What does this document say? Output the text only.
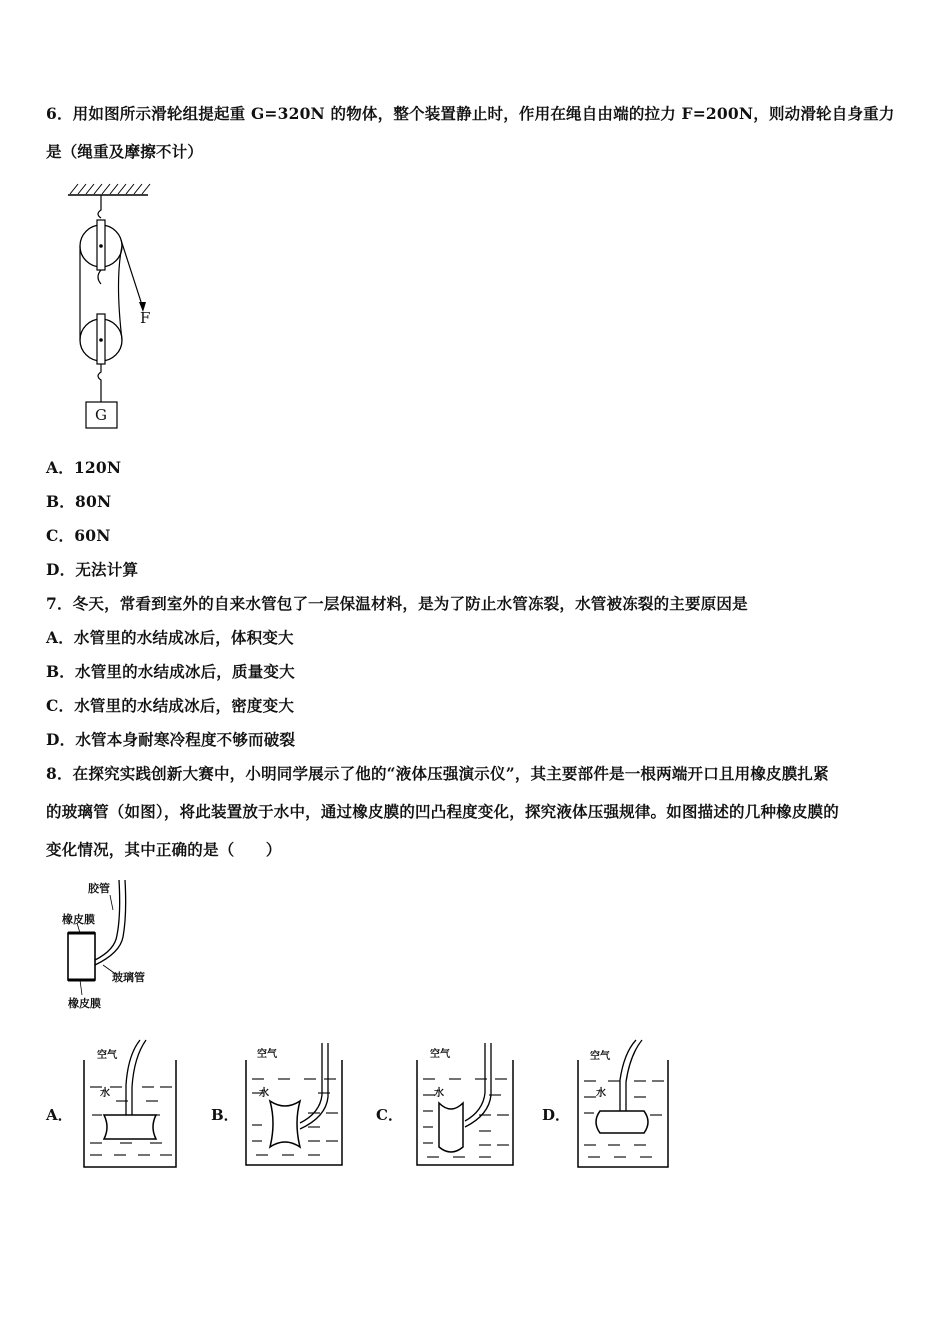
6．用如图所示滑轮组提起重 G=320N 的物体，整个装置静止时，作用在绳自由端的拉力 F=200N，则动滑轮自身重力
是（绳重及摩擦不计）
F
G
A．120N
B．80N
C．60N
D．无法计算
7．冬天，常看到室外的自来水管包了一层保温材料，是为了防止水管冻裂，水管被冻裂的主要原因是
A．水管里的水结成冰后，体积变大
B．水管里的水结成冰后，质量变大
C．水管里的水结成冰后，密度变大
D．水管本身耐寒冷程度不够而破裂
8．在探究实践创新大赛中，小明同学展示了他的“液体压强演示仪”，其主要部件是一根两端开口且用橡皮膜扎紧
的玻璃管（如图），将此装置放于水中，通过橡皮膜的凹凸程度变化，探究液体压强规律。如图描述的几种橡皮膜的
变化情况，其中正确的是（　　）
胶管
橡皮膜
玻璃管
橡皮膜
A．
空气
水
B．
空气
水
C．
空气
水
D．
空气
水
